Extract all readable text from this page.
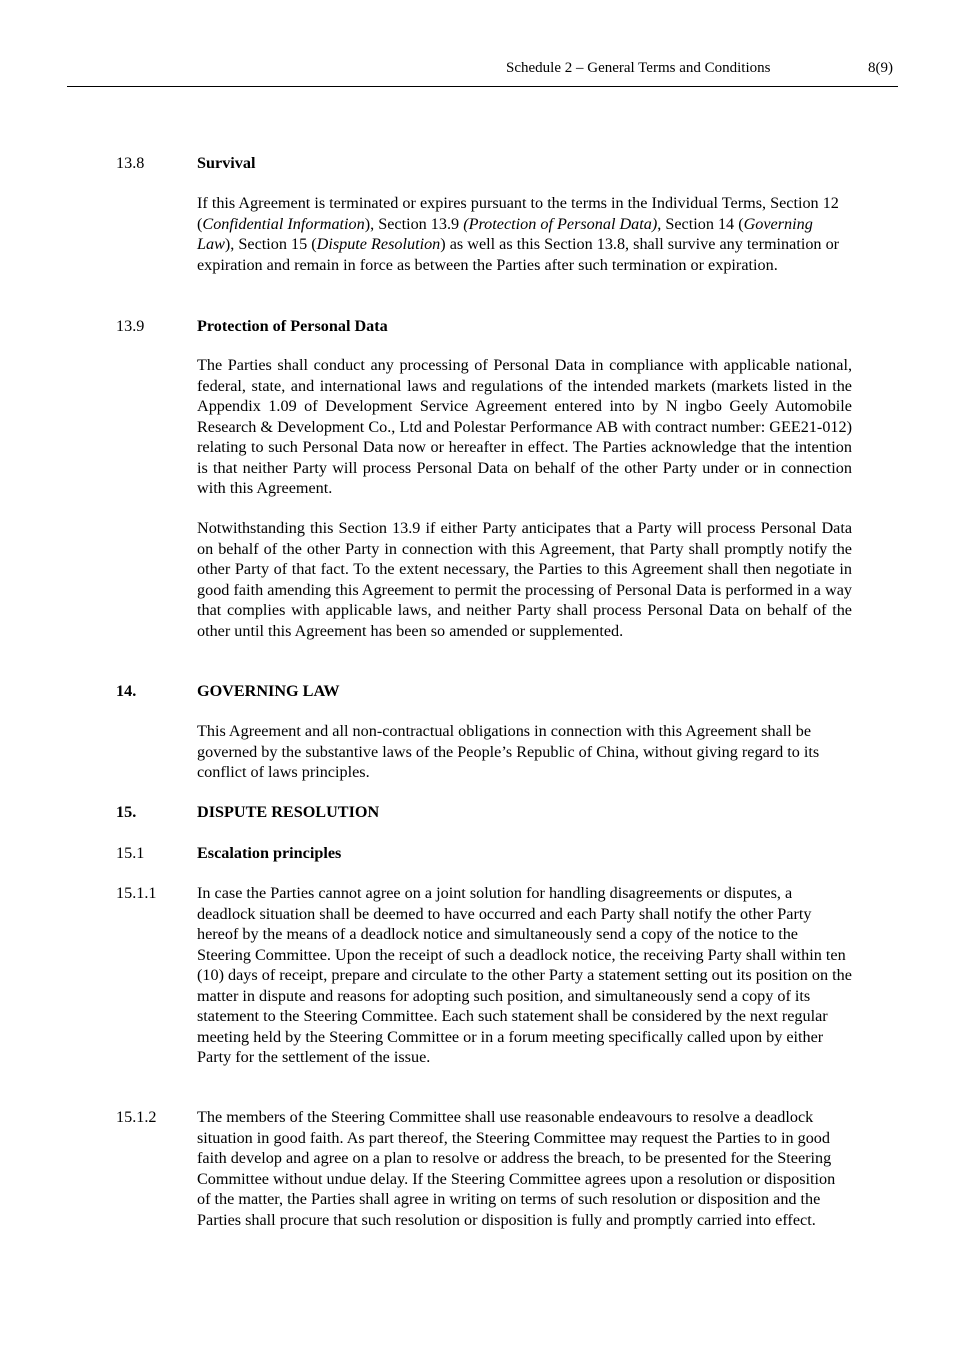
Schedule 2 – General Terms and Conditions	8(9)
13.8	Survival

If this Agreement is terminated or expires pursuant to the terms in the Individual Terms, Section 12 (Confidential Information), Section 13.9 (Protection of Personal Data), Section 14 (Governing Law), Section 15 (Dispute Resolution) as well as this Section 13.8, shall survive any termination or expiration and remain in force as between the Parties after such termination or expiration.

13.9	Protection of Personal Data

The Parties shall conduct any processing of Personal Data in compliance with applicable national, federal, state, and international laws and regulations of the intended markets (markets listed in the Appendix 1.09 of Development Service Agreement entered into by N ingbo Geely Automobile Research & Development Co., Ltd and Polestar Performance AB with contract number: GEE21-012) relating to such Personal Data now or hereafter in effect. The Parties acknowledge that the intention is that neither Party will process Personal Data on behalf of the other Party under or in connection with this Agreement.

Notwithstanding this Section 13.9 if either Party anticipates that a Party will process Personal Data on behalf of the other Party in connection with this Agreement, that Party shall promptly notify the other Party of that fact. To the extent necessary, the Parties to this Agreement shall then negotiate in good faith amending this Agreement to permit the processing of Personal Data is performed in a way that complies with applicable laws, and neither Party shall process Personal Data on behalf of the other until this Agreement has been so amended or supplemented.

14.	GOVERNING LAW

This Agreement and all non-contractual obligations in connection with this Agreement shall be governed by the substantive laws of the People’s Republic of China, without giving regard to its conflict of laws principles.

15.	DISPUTE RESOLUTION
15.1	Escalation principles
15.1.1	In case the Parties cannot agree on a joint solution for handling disagreements or disputes, a deadlock situation shall be deemed to have occurred and each Party shall notify the other Party hereof by the means of a deadlock notice and simultaneously send a copy of the notice to the Steering Committee. Upon the receipt of such a deadlock notice, the receiving Party shall within ten (10) days of receipt, prepare and circulate to the other Party a statement setting out its position on the matter in dispute and reasons for adopting such position, and simultaneously send a copy of its statement to the Steering Committee. Each such statement shall be considered by the next regular meeting held by the Steering Committee or in a forum meeting specifically called upon by either Party for the settlement of the issue.

15.1.2	The members of the Steering Committee shall use reasonable endeavours to resolve a deadlock situation in good faith. As part thereof, the Steering Committee may request the Parties to in good faith develop and agree on a plan to resolve or address the breach, to be presented for the Steering Committee without undue delay. If the Steering Committee agrees upon a resolution or disposition of the matter, the Parties shall agree in writing on terms of such resolution or disposition and the Parties shall procure that such resolution or disposition is fully and promptly carried into effect.
